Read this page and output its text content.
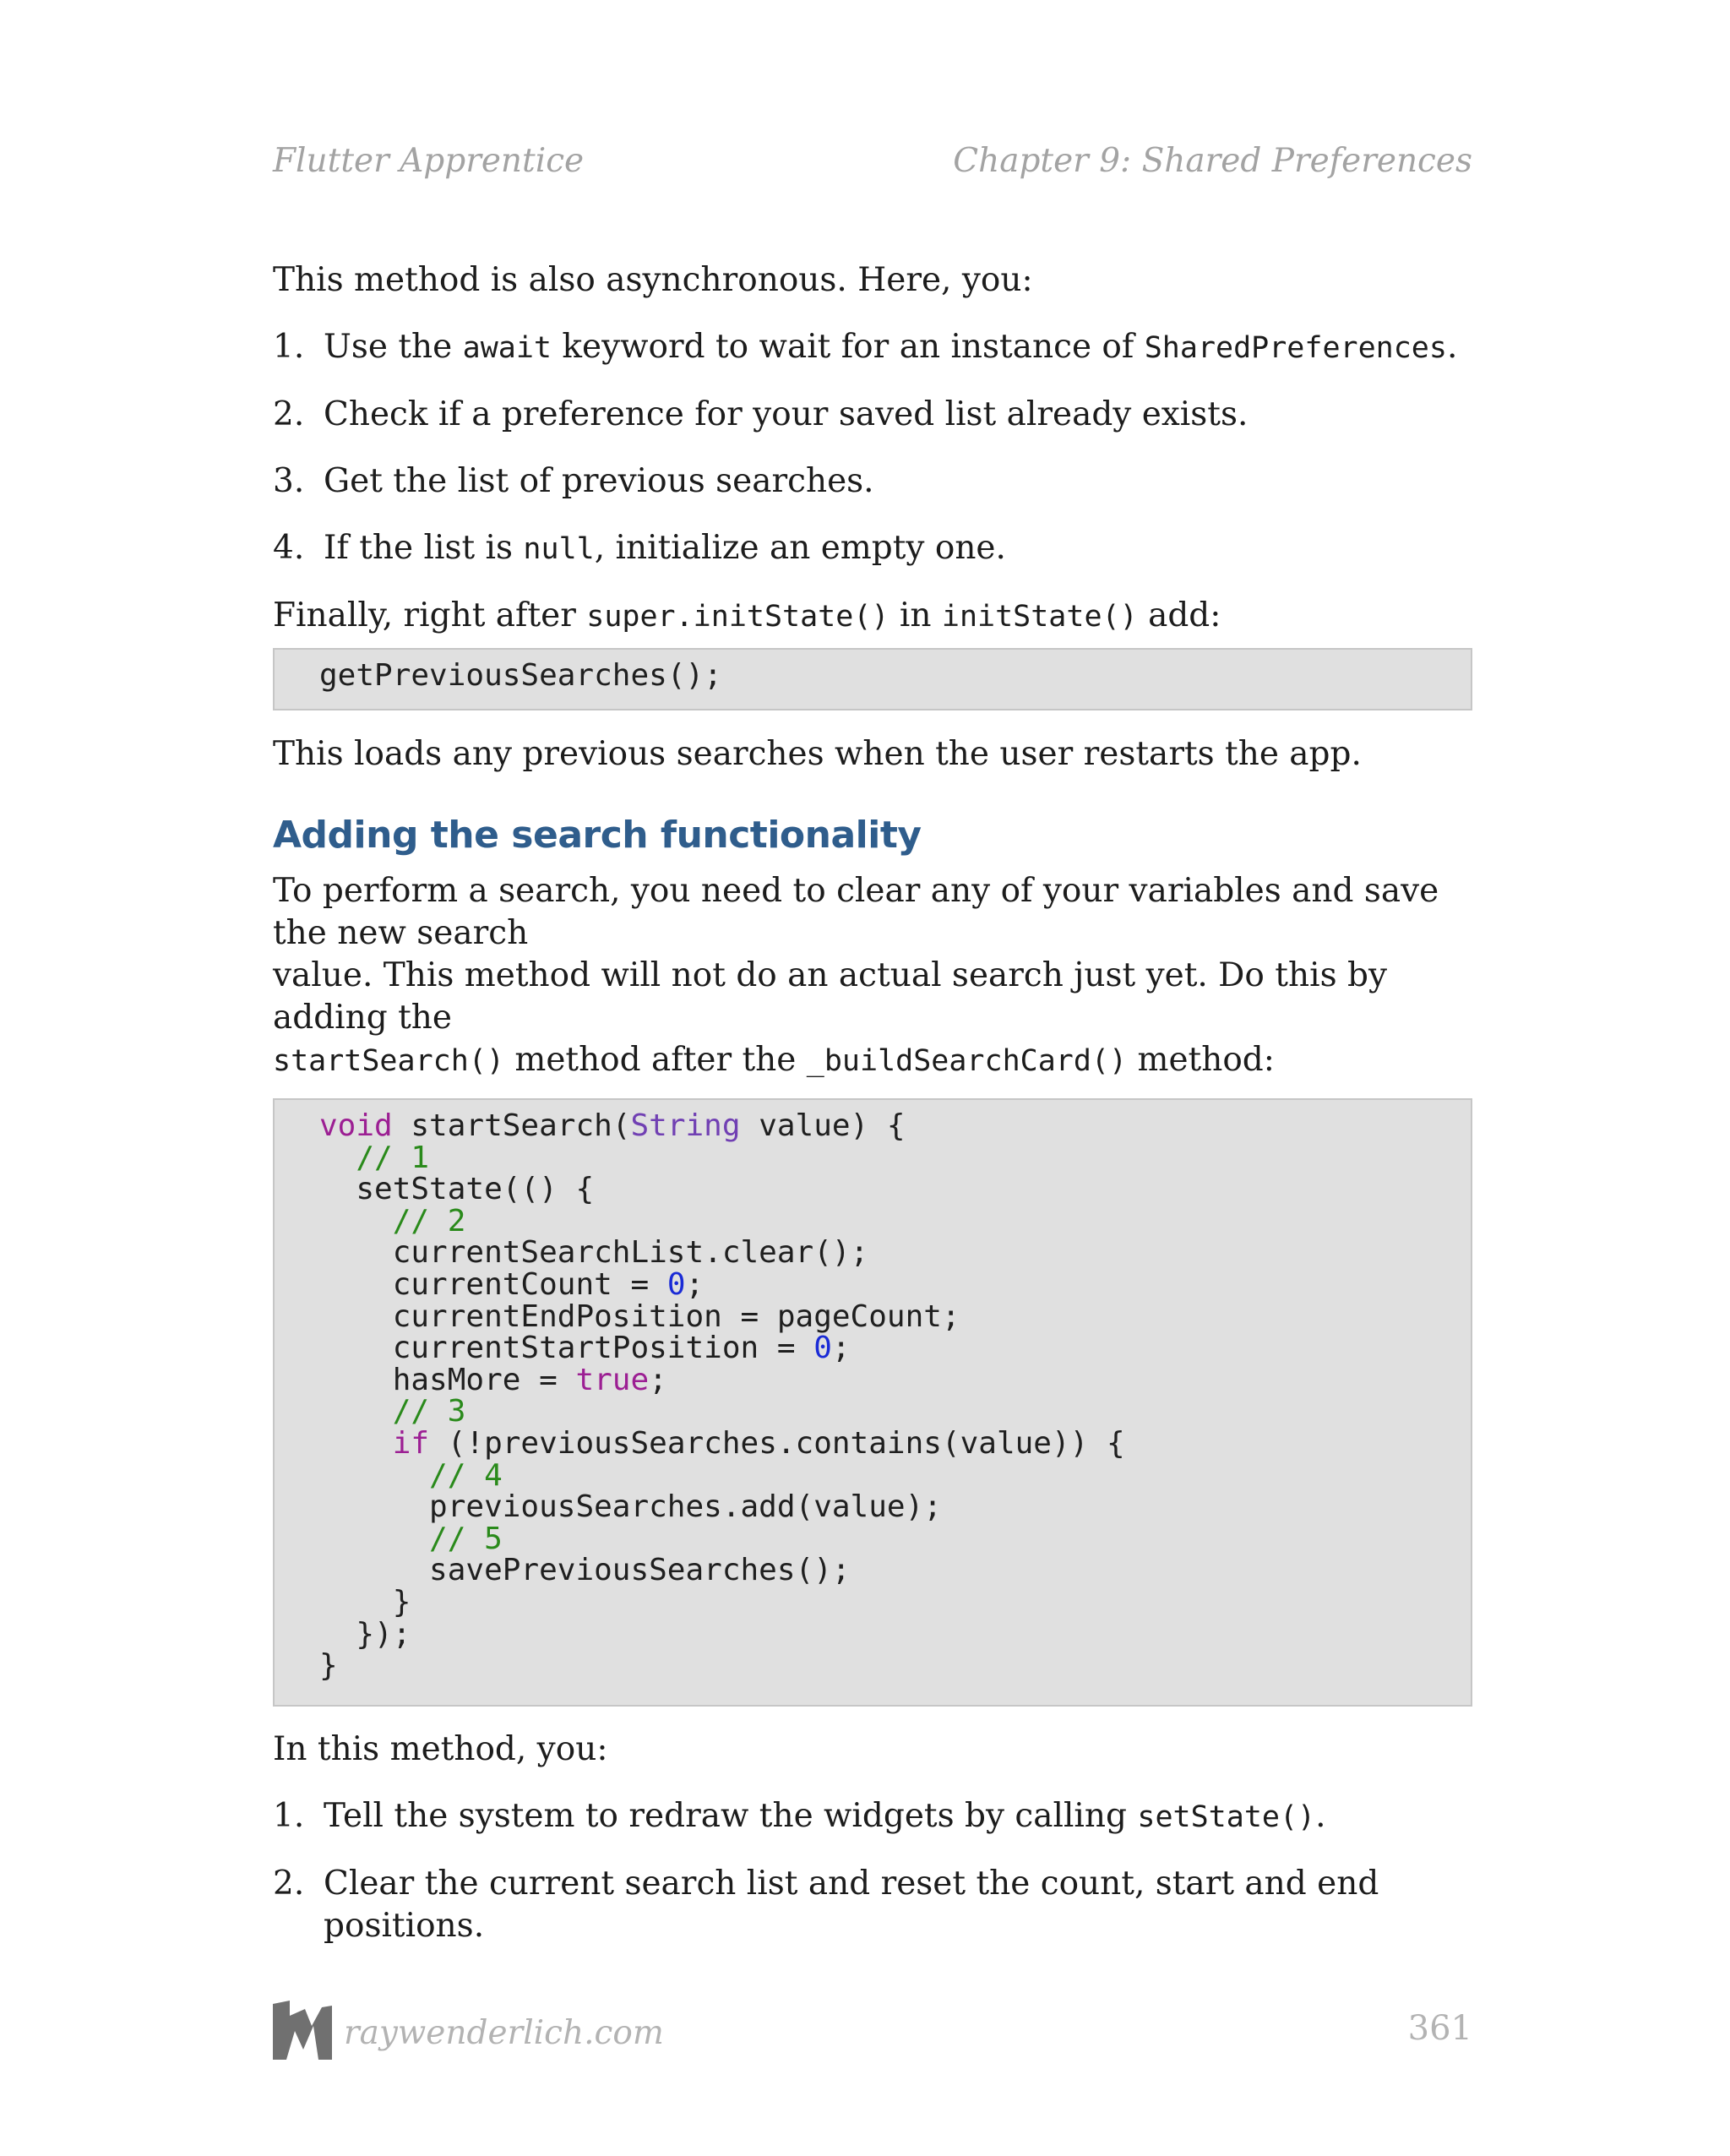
Flutter Apprentice	Chapter 9: Shared Preferences

This method is also asynchronous. Here, you:

1. Use the await keyword to wait for an instance of SharedPreferences.
2. Check if a preference for your saved list already exists.
3. Get the list of previous searches.
4. If the list is null, initialize an empty one.

Finally, right after super.initState() in initState() add:

getPreviousSearches();

This loads any previous searches when the user restarts the app.

Adding the search functionality

To perform a search, you need to clear any of your variables and save the new search
value. This method will not do an actual search just yet. Do this by adding the
startSearch() method after the _buildSearchCard() method:

void startSearch(String value) {
// 1
setState(() {
// 2
currentSearchList.clear();
currentCount = 0;
currentEndPosition = pageCount;
currentStartPosition = 0;
hasMore = true;
// 3
if (!previousSearches.contains(value)) {
// 4
previousSearches.add(value);
// 5
savePreviousSearches();
}
});
}

In this method, you:

1. Tell the system to redraw the widgets by calling setState().
2. Clear the current search list and reset the count, start and end positions.
raywenderlich.com	361
